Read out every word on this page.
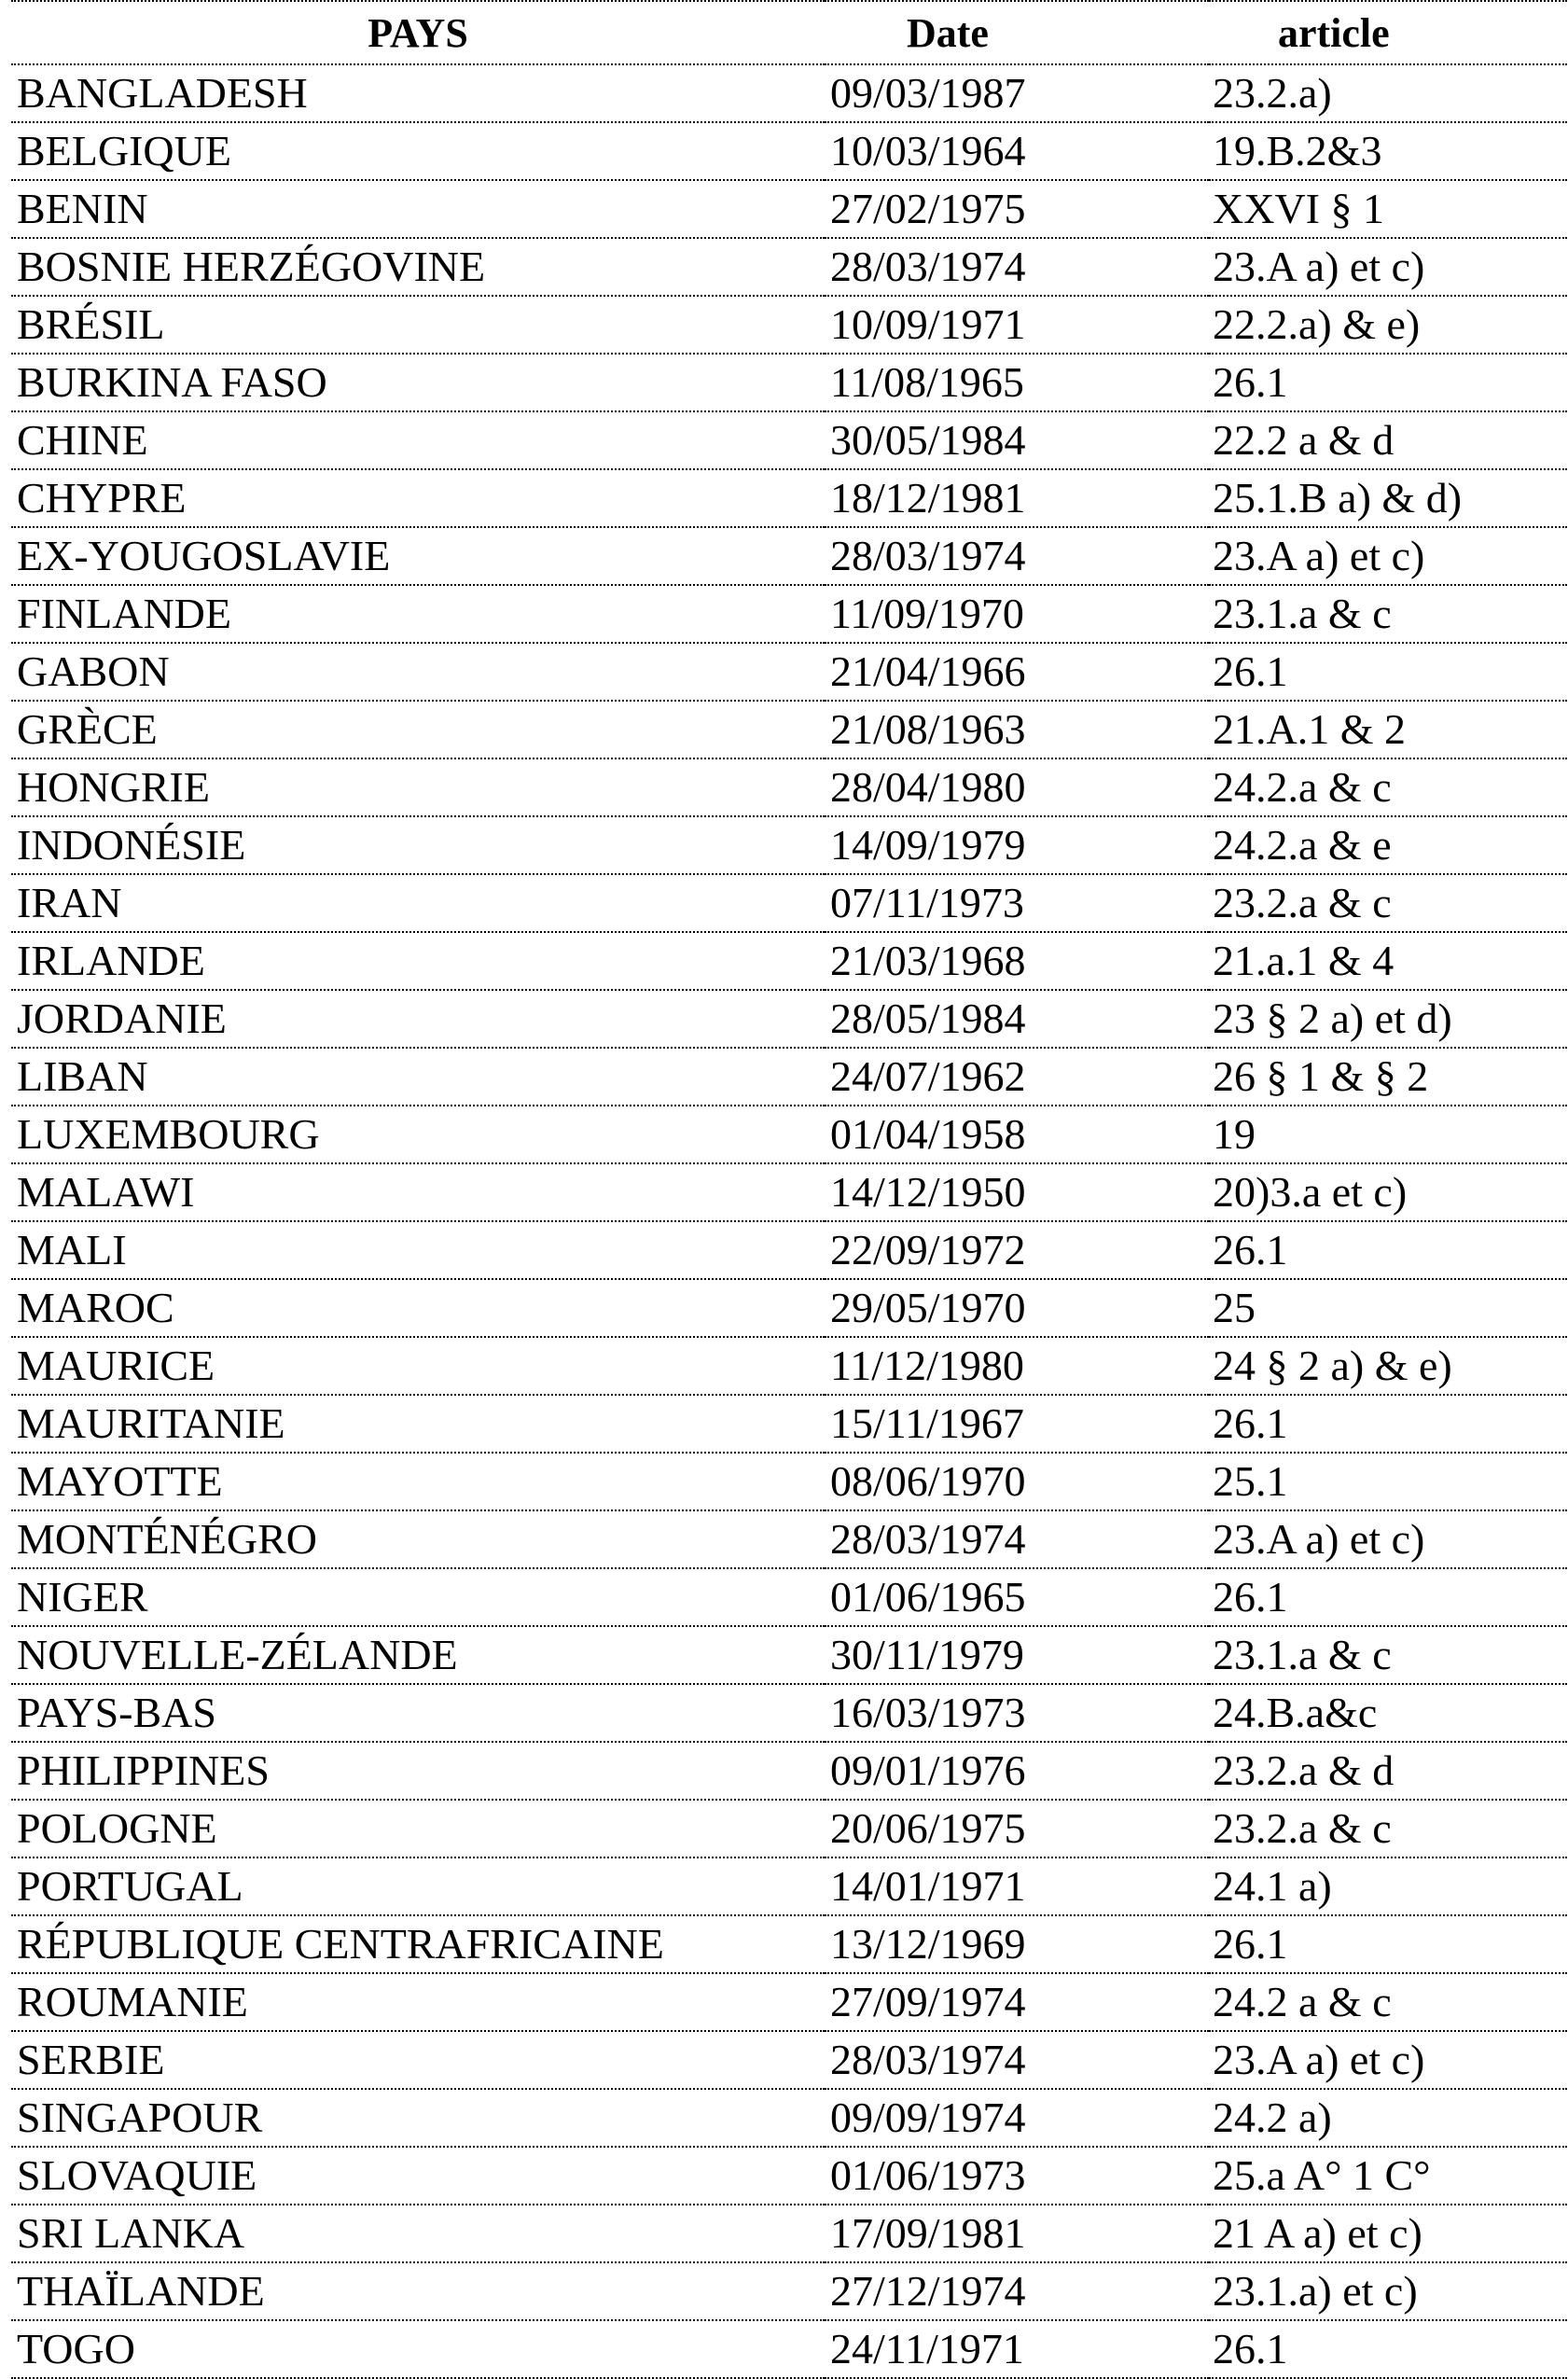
PAYS	Date	article
BANGLADESH	09/03/1987	23.2.a)
BELGIQUE	10/03/1964	19.B.2&3
BENIN	27/02/1975	XXVI § 1
BOSNIE HERZÉGOVINE	28/03/1974	23.A a) et c)
BRÉSIL	10/09/1971	22.2.a) & e)
BURKINA FASO	11/08/1965	26.1
CHINE	30/05/1984	22.2 a & d
CHYPRE	18/12/1981	25.1.B a) & d)
EX-YOUGOSLAVIE	28/03/1974	23.A a) et c)
FINLANDE	11/09/1970	23.1.a & c
GABON	21/04/1966	26.1
GRÈCE	21/08/1963	21.A.1 & 2
HONGRIE	28/04/1980	24.2.a & c
INDONÉSIE	14/09/1979	24.2.a & e
IRAN	07/11/1973	23.2.a & c
IRLANDE	21/03/1968	21.a.1 & 4
JORDANIE	28/05/1984	23 § 2 a) et d)
LIBAN	24/07/1962	26 § 1 & § 2
LUXEMBOURG	01/04/1958	19
MALAWI	14/12/1950	20)3.a et c)
MALI	22/09/1972	26.1
MAROC	29/05/1970	25
MAURICE	11/12/1980	24 § 2 a) & e)
MAURITANIE	15/11/1967	26.1
MAYOTTE	08/06/1970	25.1
MONTÉNÉGRO	28/03/1974	23.A a) et c)
NIGER	01/06/1965	26.1
NOUVELLE-ZÉLANDE	30/11/1979	23.1.a & c
PAYS-BAS	16/03/1973	24.B.a&c
PHILIPPINES	09/01/1976	23.2.a & d
POLOGNE	20/06/1975	23.2.a & c
PORTUGAL	14/01/1971	24.1 a)
RÉPUBLIQUE CENTRAFRICAINE	13/12/1969	26.1
ROUMANIE	27/09/1974	24.2 a & c
SERBIE	28/03/1974	23.A a) et c)
SINGAPOUR	09/09/1974	24.2 a)
SLOVAQUIE	01/06/1973	25.a A° 1 C°
SRI LANKA	17/09/1981	21 A a) et c)
THAÏLANDE	27/12/1974	23.1.a) et c)
TOGO	24/11/1971	26.1
